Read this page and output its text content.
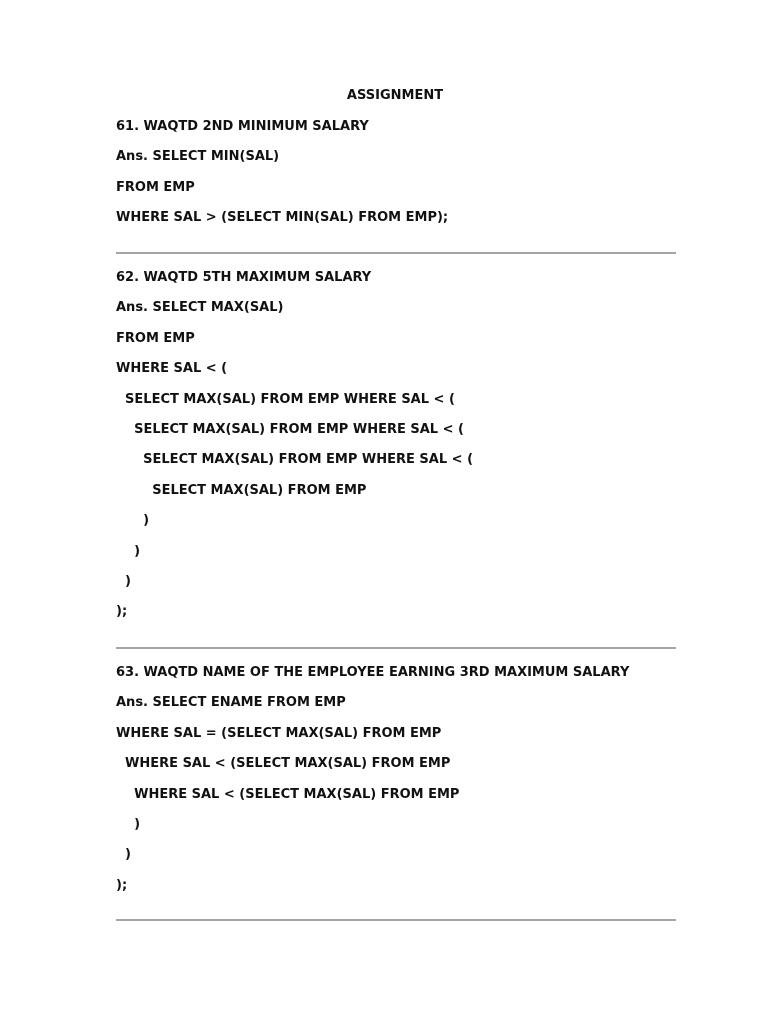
ASSIGNMENT
61. WAQTD 2ND MINIMUM SALARY
Ans. SELECT MIN(SAL)
FROM EMP
WHERE SAL > (SELECT MIN(SAL) FROM EMP);
62. WAQTD 5TH MAXIMUM SALARY
Ans. SELECT MAX(SAL)
FROM EMP
WHERE SAL < (
SELECT MAX(SAL) FROM EMP WHERE SAL < (
SELECT MAX(SAL) FROM EMP WHERE SAL < (
SELECT MAX(SAL) FROM EMP WHERE SAL < (
SELECT MAX(SAL) FROM EMP
)
)
)
);
63. WAQTD NAME OF THE EMPLOYEE EARNING 3RD MAXIMUM SALARY
Ans. SELECT ENAME FROM EMP
WHERE SAL = (SELECT MAX(SAL) FROM EMP
WHERE SAL < (SELECT MAX(SAL) FROM EMP
WHERE SAL < (SELECT MAX(SAL) FROM EMP
)
)
);
